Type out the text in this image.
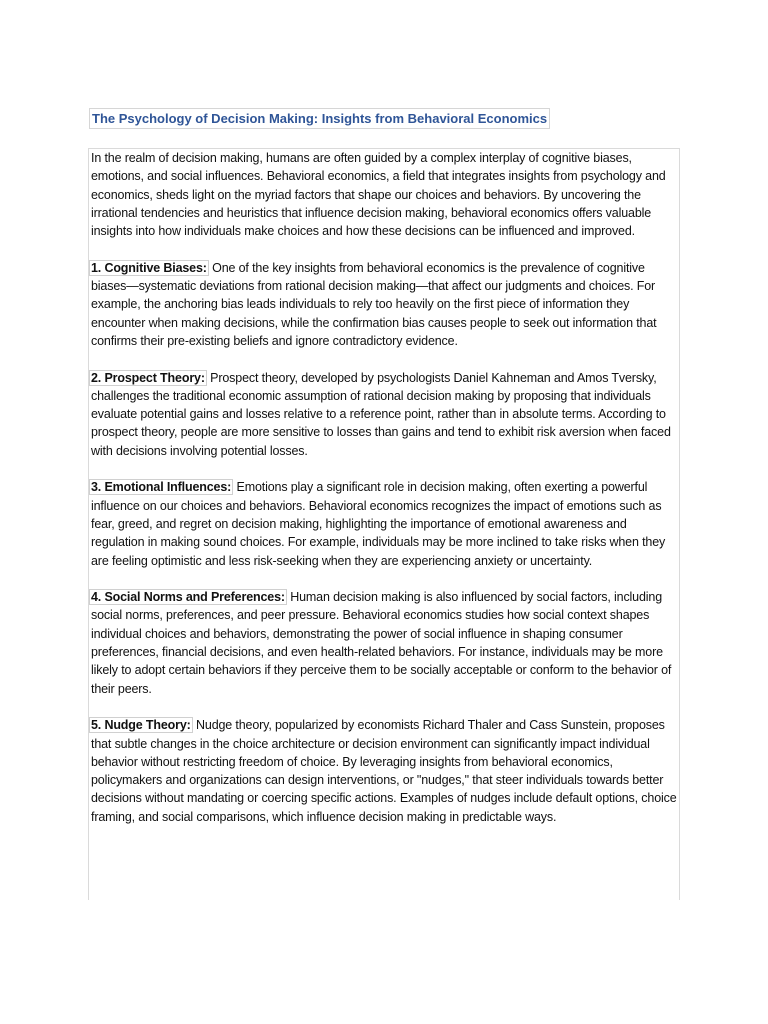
The Psychology of Decision Making: Insights from Behavioral Economics

In the realm of decision making, humans are often guided by a complex interplay of cognitive biases, emotions, and social influences. Behavioral economics, a field that integrates insights from psychology and economics, sheds light on the myriad factors that shape our choices and behaviors. By uncovering the irrational tendencies and heuristics that influence decision making, behavioral economics offers valuable insights into how individuals make choices and how these decisions can be influenced and improved.

1. Cognitive Biases: One of the key insights from behavioral economics is the prevalence of cognitive biases—systematic deviations from rational decision making—that affect our judgments and choices. For example, the anchoring bias leads individuals to rely too heavily on the first piece of information they encounter when making decisions, while the confirmation bias causes people to seek out information that confirms their pre-existing beliefs and ignore contradictory evidence.

2. Prospect Theory: Prospect theory, developed by psychologists Daniel Kahneman and Amos Tversky, challenges the traditional economic assumption of rational decision making by proposing that individuals evaluate potential gains and losses relative to a reference point, rather than in absolute terms. According to prospect theory, people are more sensitive to losses than gains and tend to exhibit risk aversion when faced with decisions involving potential losses.

3. Emotional Influences: Emotions play a significant role in decision making, often exerting a powerful influence on our choices and behaviors. Behavioral economics recognizes the impact of emotions such as fear, greed, and regret on decision making, highlighting the importance of emotional awareness and regulation in making sound choices. For example, individuals may be more inclined to take risks when they are feeling optimistic and less risk-seeking when they are experiencing anxiety or uncertainty.

4. Social Norms and Preferences: Human decision making is also influenced by social factors, including social norms, preferences, and peer pressure. Behavioral economics studies how social context shapes individual choices and behaviors, demonstrating the power of social influence in shaping consumer preferences, financial decisions, and even health-related behaviors. For instance, individuals may be more likely to adopt certain behaviors if they perceive them to be socially acceptable or conform to the behavior of their peers.

5. Nudge Theory: Nudge theory, popularized by economists Richard Thaler and Cass Sunstein, proposes that subtle changes in the choice architecture or decision environment can significantly impact individual behavior without restricting freedom of choice. By leveraging insights from behavioral economics, policymakers and organizations can design interventions, or "nudges," that steer individuals towards better decisions without mandating or coercing specific actions. Examples of nudges include default options, choice framing, and social comparisons, which influence decision making in predictable ways.
